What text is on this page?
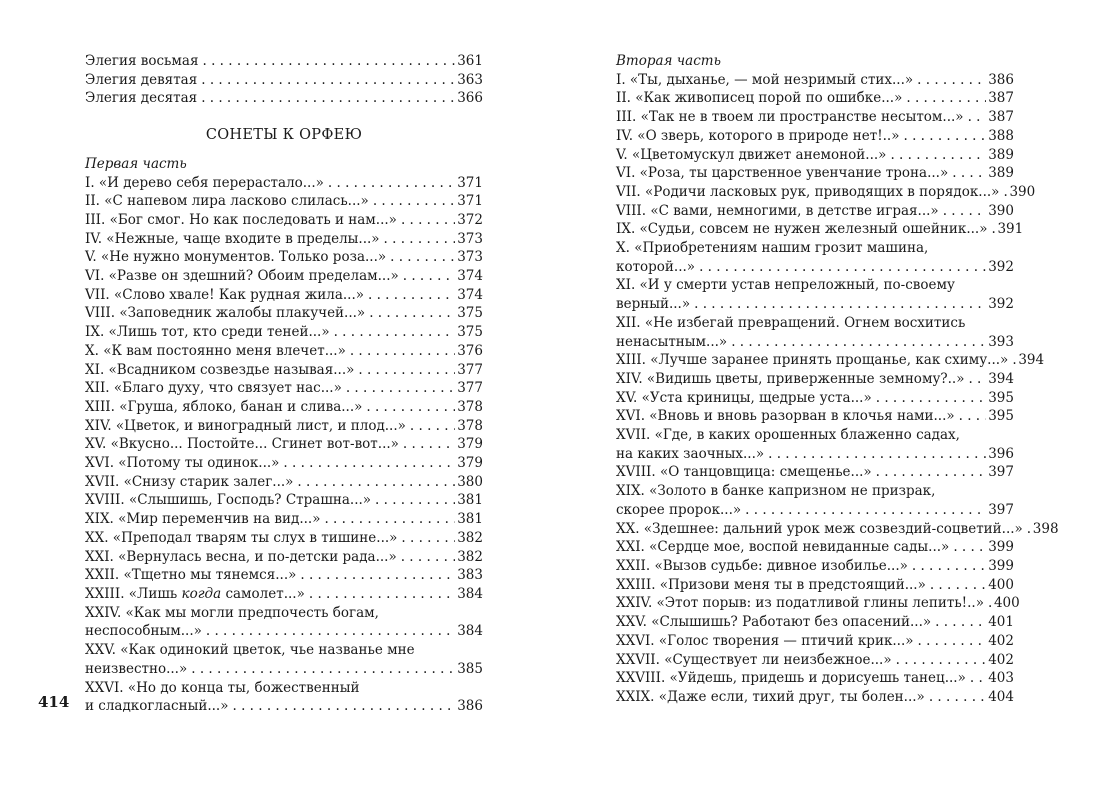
414
Элегия восьмая . . .	361
Элегия девятая . . .	363
Элегия десятая . . .	366
СОНЕТЫ К ОРФЕЮ
Первая часть
I. «И дерево себя перерастало...» . . .	371
II. «С напевом лира ласково слилась...» . . .	371
III. «Бог смог. Но как последовать и нам...» . . .	372
IV. «Нежные, чаще входите в пределы...» . . .	373
V. «Не нужно монументов. Только роза...» . . .	373
VI. «Разве он здешний? Обоим пределам...» . . .	374
VII. «Слово хвале! Как рудная жила...» . . .	374
VIII. «Заповедник жалобы плакучей...» . . .	375
IX. «Лишь тот, кто среди теней...» . . .	375
X. «К вам постоянно меня влечет...» . . .	376
XI. «Всадником созвездье называя...» . . .	377
XII. «Благо духу, что связует нас...» . . .	377
XIII. «Груша, яблоко, банан и слива...» . . .	378
XIV. «Цветок, и виноградный лист, и плод...» . . .	378
XV. «Вкусно... Постойте... Сгинет вот-вот...» . . .	379
XVI. «Потому ты одинок...» . . .	379
XVII. «Снизу старик залег...» . . .	380
XVIII. «Слышишь, Господь? Страшна...» . . .	381
XIX. «Мир переменчив на вид...» . . .	381
XX. «Преподал тварям ты слух в тишине...» . . .	382
XXI. «Вернулась весна, и по-детски рада...» . . .	382
XXII. «Тщетно мы тянемся...» . . .	383
XXIII. «Лишь когда самолет...» . . .	384
XXIV. «Как мы могли предпочесть богам,
неспособным...» . . .	384
XXV. «Как одинокий цветок, чье названье мне
неизвестно...» . . .	385
XXVI. «Но до конца ты, божественный
и сладкогласный...» . . .	386
Вторая часть
I. «Ты, дыханье, — мой незримый стих...» . . .	386
II. «Как живописец порой по ошибке...» . . .	387
III. «Так не в твоем ли пространстве несытом...» . . . 387
IV. «О зверь, которого в природе нет!..» . . .	388
V. «Цветомускул движет анемоной...» . . .	389
VI. «Роза, ты царственное увенчание трона...» . . .	389
VII. «Родичи ласковых рук, приводящих в порядок...» . . . 390
VIII. «С вами, немногими, в детстве играя...» . . .	390
IX. «Судьи, совсем не нужен железный ошейник...» . . . 391
X. «Приобретениям нашим грозит машина,
которой...» . . .	392
XI. «И у смерти устав непреложный, по-своему
верный...» . . .	392
XII. «Не избегай превращений. Огнем восхитись
ненасытным...» . . .	393
XIII. «Лучше заранее принять прощанье, как схиму...» . . . 394
XIV. «Видишь цветы, приверженные земному?..» . . . 394
XV. «Уста криницы, щедрые уста...» . . .	395
XVI. «Вновь и вновь разорван в клочья нами...» . . . 395
XVII. «Где, в каких орошенных блаженно садах,
на каких заочных...» . . .	396
XVIII. «О танцовщица: смещенье...» . . .	397
XIX. «Золото в банке капризном не призрак,
скорее пророк...» . . .	397
XX. «Здешнее: дальний урок меж созвездий-соцветий...» . . . 398
XXI. «Сердце мое, воспой невиданные сады...» . . .	399
XXII. «Вызов судьбе: дивное изобилье...» . . .	399
XXIII. «Призови меня ты в предстоящий...» . . .	400
XXIV. «Этот порыв: из податливой глины лепить!..» . . . 400
XXV. «Слышишь? Работают без опасений...» . . .	401
XXVI. «Голос творения — птичий крик...» . . .	402
XXVII. «Существует ли неизбежное...» . . .	402
XXVIII. «Уйдешь, придешь и дорисуешь танец...» . . . 403
XXIX. «Даже если, тихий друг, ты болен...» . . .	404
